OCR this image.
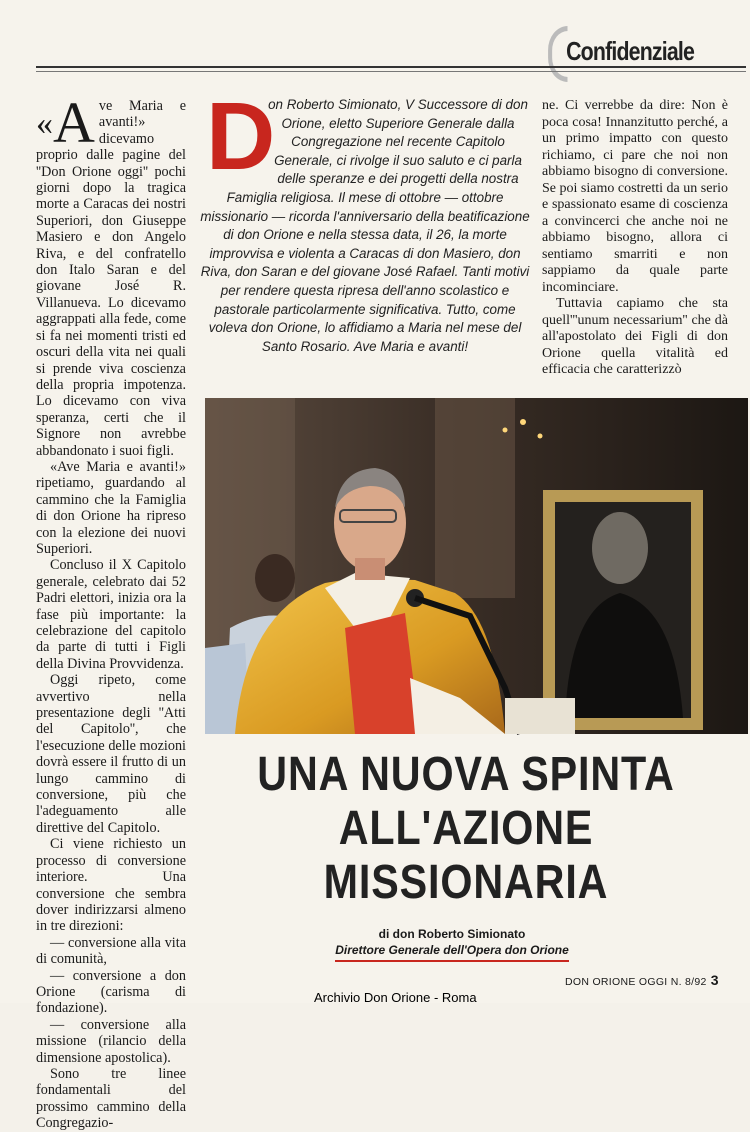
Confidenziale

«A ve Maria e avanti!» dicevamo proprio dalle pagine del ''Don Orione oggi'' pochi giorni dopo la tragica morte a Caracas dei nostri Superiori, don Giuseppe Masiero e don Angelo Riva, e del confratello don Italo Saran e del giovane José R. Villanueva. Lo dicevamo aggrappati alla fede, come si fa nei momenti tristi ed oscuri della vita nei quali si prende viva coscienza della propria impotenza. Lo dicevamo con viva speranza, certi che il Signore non avrebbe abbandonato i suoi figli.

«Ave Maria e avanti!» ripetiamo, guardando al cammino che la Famiglia di don Orione ha ripreso con la elezione dei nuovi Superiori.

Concluso il X Capitolo generale, celebrato dai 52 Padri elettori, inizia ora la fase più importante: la celebrazione del capitolo da parte di tutti i Figli della Divina Provvidenza.

Oggi ripeto, come avvertivo nella presentazione degli ''Atti del Capitolo'', che l'esecuzione delle mozioni dovrà essere il frutto di un lungo cammino di conversione, più che l'adeguamento alle direttive del Capitolo.

Ci viene richiesto un processo di conversione interiore. Una conversione che sembra dover indirizzarsi almeno in tre direzioni:

— conversione alla vita di comunità,

— conversione a don Orione (carisma di fondazione).

— conversione alla missione (rilancio della dimensione apostolica).

Sono tre linee fondamentali del prossimo cammino della Congregazio-

D
on Roberto Simionato, V Successore di don Orione, eletto Superiore Generale dalla Congregazione nel recente Capitolo Generale, ci rivolge il suo saluto e ci parla delle speranze e dei progetti della nostra Famiglia religiosa. Il mese di ottobre — ottobre missionario — ricorda l'anniversario della beatificazione di don Orione e nella stessa data, il 26, la morte improvvisa e violenta a Caracas di don Masiero, don Riva, don Saran e del giovane José Rafael. Tanti motivi per rendere questa ripresa dell'anno scolastico e pastorale particolarmente significativa. Tutto, come voleva don Orione, lo affidiamo a Maria nel mese del Santo Rosario. Ave Maria e avanti!

ne. Ci verrebbe da dire: Non è poca cosa! Innanzitutto perché, a un primo impatto con questo richiamo, ci pare che noi non abbiamo bisogno di conversione. Se poi siamo costretti da un serio e spassionato esame di coscienza a convincerci che anche noi ne abbiamo bisogno, allora ci sentiamo smarriti e non sappiamo da quale parte incominciare.

Tuttavia capiamo che sta quell'''unum necessarium'' che dà all'apostolato dei Figli di don Orione quella vitalità ed efficacia che caratterizzò

UNA NUOVA SPINTA
ALL'AZIONE
MISSIONARIA
di don Roberto Simionato
Direttore Generale dell'Opera don Orione
DON ORIONE OGGI N. 8/92 3
Archivio Don Orione - Roma
